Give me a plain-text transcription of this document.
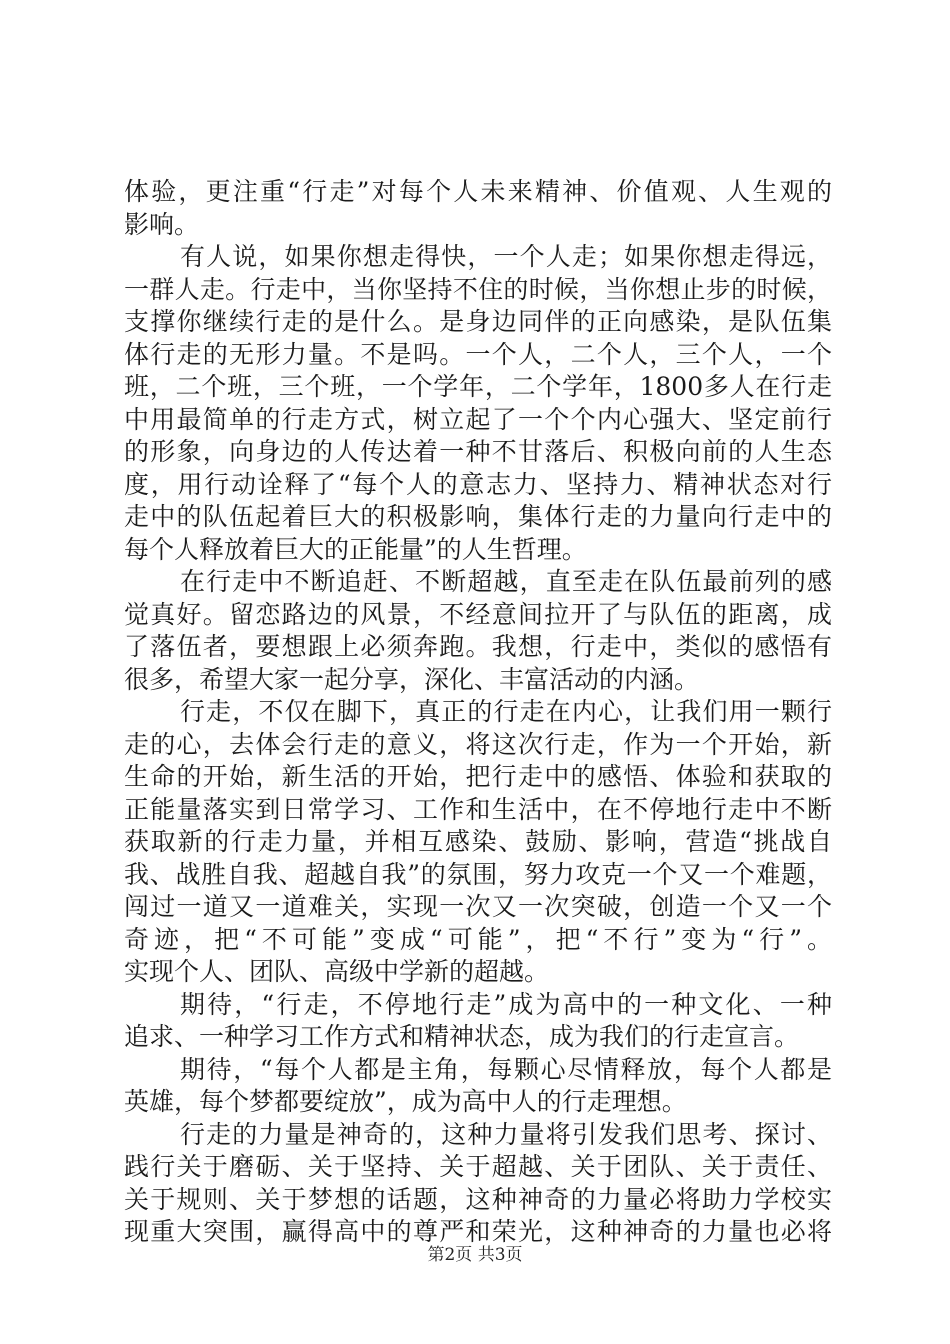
体验，更注重“行走”对每个人未来精神、价值观、人生观的
影响。
有人说，如果你想走得快，一个人走；如果你想走得远，
一群人走。行走中，当你坚持不住的时候，当你想止步的时候，
支撑你继续行走的是什么。是身边同伴的正向感染，是队伍集
体行走的无形力量。不是吗。一个人，二个人，三个人，一个
班，二个班，三个班，一个学年，二个学年，1800多人在行走
中用最简单的行走方式，树立起了一个个内心强大、坚定前行
的形象，向身边的人传达着一种不甘落后、积极向前的人生态
度，用行动诠释了“每个人的意志力、坚持力、精神状态对行
走中的队伍起着巨大的积极影响，集体行走的力量向行走中的
每个人释放着巨大的正能量”的人生哲理。
在行走中不断追赶、不断超越，直至走在队伍最前列的感
觉真好。留恋路边的风景，不经意间拉开了与队伍的距离，成
了落伍者，要想跟上必须奔跑。我想，行走中，类似的感悟有
很多，希望大家一起分享，深化、丰富活动的内涵。
行走，不仅在脚下，真正的行走在内心，让我们用一颗行
走的心，去体会行走的意义，将这次行走，作为一个开始，新
生命的开始，新生活的开始，把行走中的感悟、体验和获取的
正能量落实到日常学习、工作和生活中，在不停地行走中不断
获取新的行走力量，并相互感染、鼓励、影响，营造“挑战自
我、战胜自我、超越自我”的氛围，努力攻克一个又一个难题，
闯过一道又一道难关，实现一次又一次突破，创造一个又一个
奇迹，把“不可能”变成“可能”，把“不行”变为“行”。
实现个人、团队、高级中学新的超越。
期待，“行走，不停地行走”成为高中的一种文化、一种
追求、一种学习工作方式和精神状态，成为我们的行走宣言。
期待，“每个人都是主角，每颗心尽情释放，每个人都是
英雄，每个梦都要绽放”，成为高中人的行走理想。
行走的力量是神奇的，这种力量将引发我们思考、探讨、
践行关于磨砺、关于坚持、关于超越、关于团队、关于责任、
关于规则、关于梦想的话题，这种神奇的力量必将助力学校实
现重大突围，赢得高中的尊严和荣光，这种神奇的力量也必将
第2页 共3页
